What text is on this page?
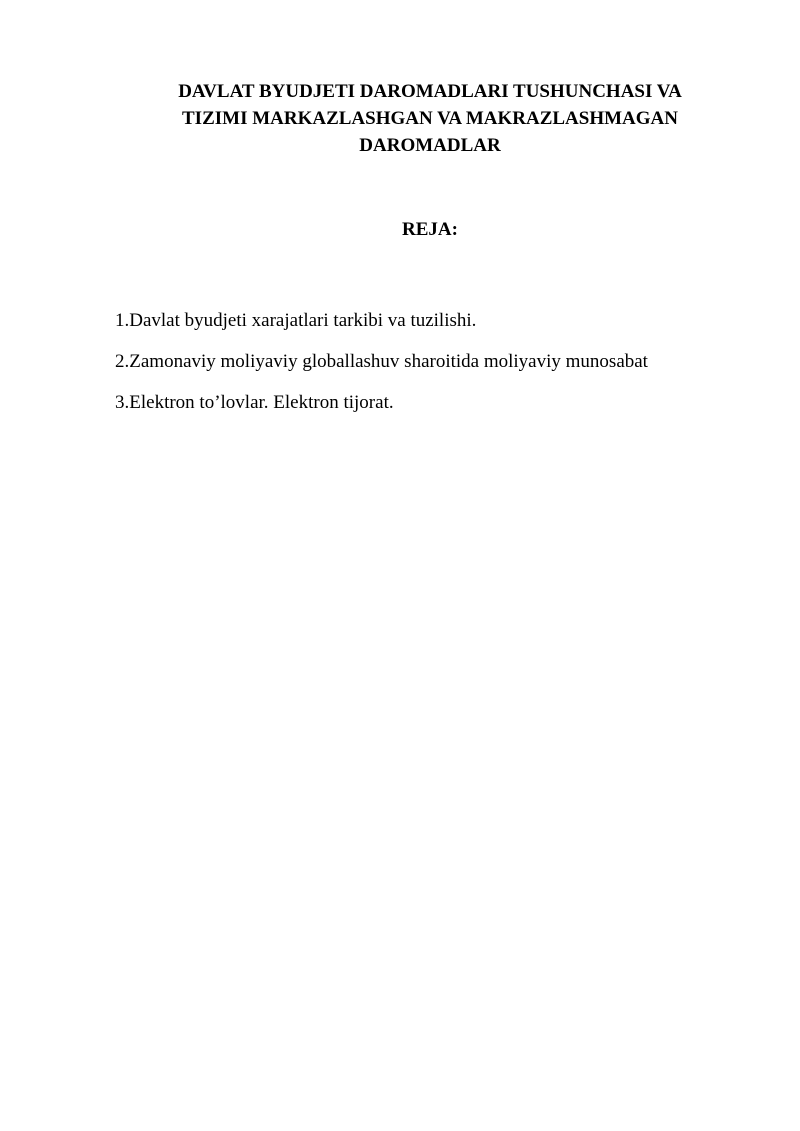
DAVLAT BYUDJETI DAROMADLARI TUSHUNCHASI VA
TIZIMI MARKAZLASHGAN VA MAKRAZLASHMAGAN
DAROMADLAR
REJA:
1.Davlat byudjeti xarajatlari tarkibi va tuzilishi.
2.Zamonaviy moliyaviy globallashuv sharoitida moliyaviy munosabat
3.Elektron to’lovlar. Elektron tijorat.
